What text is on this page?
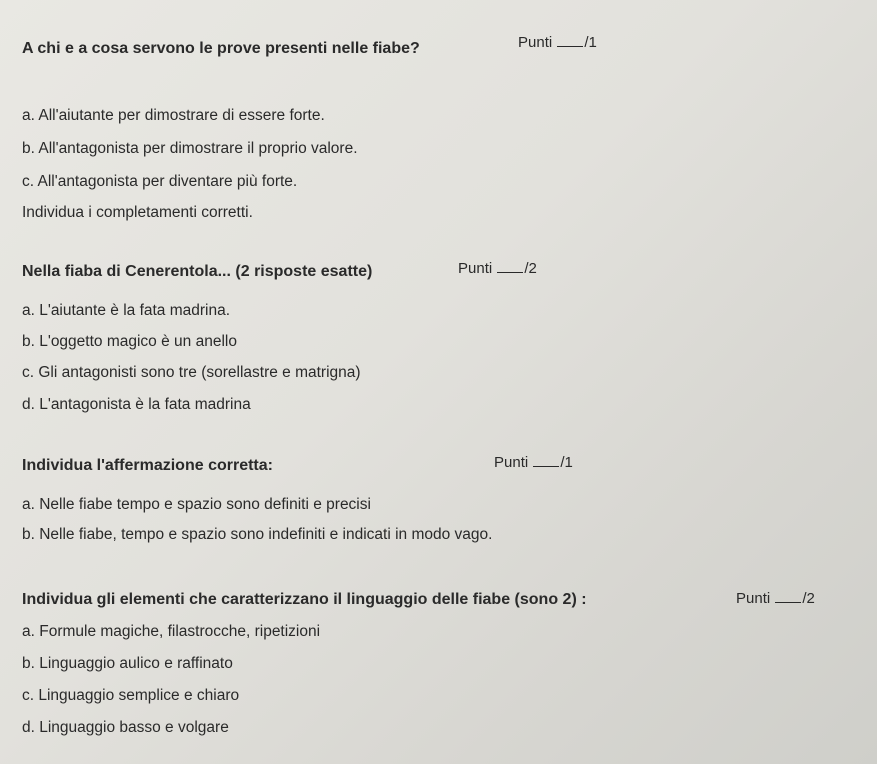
A chi e a cosa servono le prove presenti nelle fiabe?	Punti /1
a. All'aiutante per dimostrare di essere forte.
b. All'antagonista per dimostrare il proprio valore.
c. All'antagonista per diventare più forte.
Individua i completamenti corretti.
Nella fiaba di Cenerentola... (2 risposte esatte)	Punti /2
a. L'aiutante è la fata madrina.
b. L'oggetto magico è un anello
c. Gli antagonisti sono tre (sorellastre e matrigna)
d. L'antagonista è la fata madrina
Individua l'affermazione corretta:	Punti /1
a. Nelle fiabe tempo e spazio sono definiti e precisi
b. Nelle fiabe, tempo e spazio sono indefiniti e indicati in modo vago.
Individua gli elementi che caratterizzano il linguaggio delle fiabe (sono 2) :	Punti /2
a. Formule magiche, filastrocche, ripetizioni
b. Linguaggio aulico e raffinato
c. Linguaggio semplice e chiaro
d. Linguaggio basso e volgare
